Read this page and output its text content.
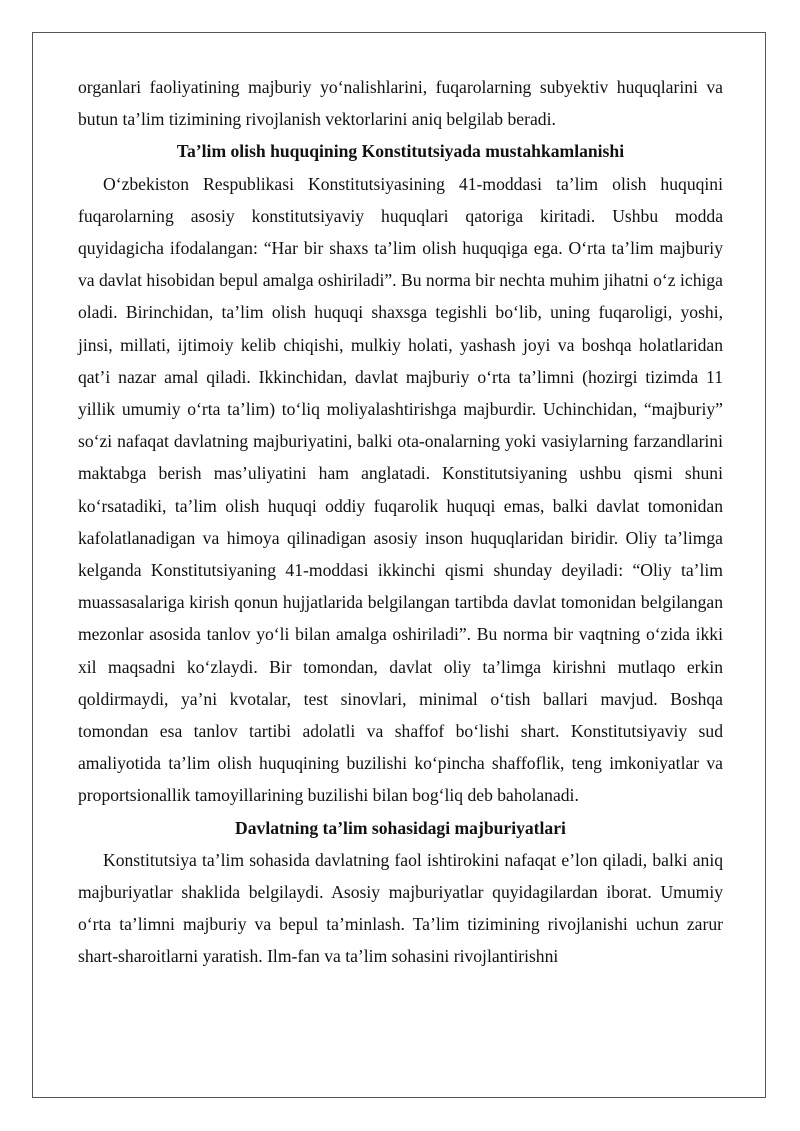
organlari faoliyatining majburiy yo‘nalishlarini, fuqarolarning subyektiv huquqlarini va butun ta’lim tizimining rivojlanish vektorlarini aniq belgilab beradi.

Ta’lim olish huquqining Konstitutsiyada mustahkamlanishi

O‘zbekiston Respublikasi Konstitutsiyasining 41-moddasi ta’lim olish huquqini fuqarolarning asosiy konstitutsiyaviy huquqlari qatoriga kiritadi. Ushbu modda quyidagicha ifodalangan: “Har bir shaxs ta’lim olish huquqiga ega. O‘rta ta’lim majburiy va davlat hisobidan bepul amalga oshiriladi”. Bu norma bir nechta muhim jihatni o‘z ichiga oladi. Birinchidan, ta’lim olish huquqi shaxsga tegishli bo‘lib, uning fuqaroligi, yoshi, jinsi, millati, ijtimoiy kelib chiqishi, mulkiy holati, yashash joyi va boshqa holatlaridan qat’i nazar amal qiladi. Ikkinchidan, davlat majburiy o‘rta ta’limni (hozirgi tizimda 11 yillik umumiy o‘rta ta’lim) to‘liq moliyalashtirishga majburdir. Uchinchidan, “majburiy” so‘zi nafaqat davlatning majburiyatini, balki ota-onalarning yoki vasiylarning farzandlarini maktabga berish mas’uliyatini ham anglatadi. Konstitutsiyaning ushbu qismi shuni ko‘rsatadiki, ta’lim olish huquqi oddiy fuqarolik huquqi emas, balki davlat tomonidan kafolatlanadigan va himoya qilinadigan asosiy inson huquqlaridan biridir. Oliy ta’limga kelganda Konstitutsiyaning 41-moddasi ikkinchi qismi shunday deyiladi: “Oliy ta’lim muassasalariga kirish qonun hujjatlarida belgilangan tartibda davlat tomonidan belgilangan mezonlar asosida tanlov yo‘li bilan amalga oshiriladi”. Bu norma bir vaqtning o‘zida ikki xil maqsadni ko‘zlaydi. Bir tomondan, davlat oliy ta’limga kirishni mutlaqo erkin qoldirmaydi, ya’ni kvotalar, test sinovlari, minimal o‘tish ballari mavjud. Boshqa tomondan esa tanlov tartibi adolatli va shaffof bo‘lishi shart. Konstitutsiyaviy sud amaliyotida ta’lim olish huquqining buzilishi ko‘pincha shaffoflik, teng imkoniyatlar va proportsionallik tamoyillarining buzilishi bilan bog‘liq deb baholanadi.

Davlatning ta’lim sohasidagi majburiyatlari

Konstitutsiya ta’lim sohasida davlatning faol ishtirokini nafaqat e’lon qiladi, balki aniq majburiyatlar shaklida belgilaydi. Asosiy majburiyatlar quyidagilardan iborat. Umumiy o‘rta ta’limni majburiy va bepul ta’minlash. Ta’lim tizimining rivojlanishi uchun zarur shart-sharoitlarni yaratish. Ilm-fan va ta’lim sohasini rivojlantirishni
